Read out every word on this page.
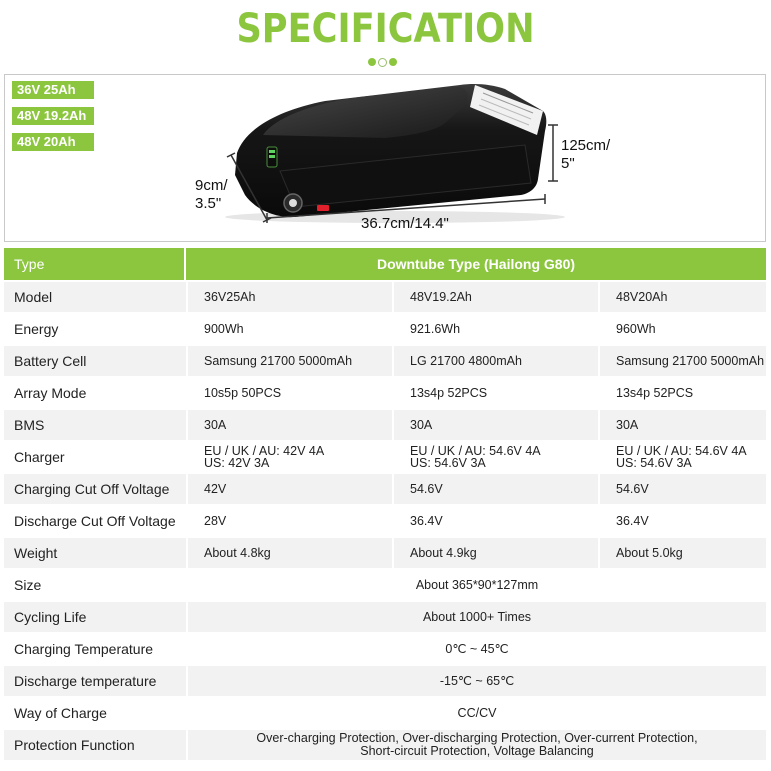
SPECIFICATION
36V 25Ah
48V 19.2Ah
48V 20Ah	125cm/
5"
9cm/
3.5"
36.7cm/14.4"
Type	Downtube Type (Hailong G80)		
Model	36V25Ah	48V19.2Ah	48V20Ah
Energy	900Wh	921.6Wh	960Wh
Battery Cell	Samsung 21700 5000mAh	LG 21700 4800mAh	Samsung 21700 5000mAh
Array Mode	10s5p 50PCS	13s4p 52PCS	13s4p 52PCS
BMS	30A	30A	30A
Charger	EU / UK / AU: 42V 4A
US: 42V 3A	EU / UK / AU: 54.6V 4A
US: 54.6V 3A	EU / UK / AU: 54.6V 4A
US: 54.6V 3A
Charging Cut Off Voltage	42V	54.6V	54.6V
Discharge Cut Off Voltage	28V	36.4V	36.4V
Weight	About 4.8kg	About 4.9kg	About 5.0kg
Size	About 365*90*127mm		
Cycling Life	About 1000+ Times		
Charging Temperature	0℃ ~ 45℃		
Discharge temperature	-15℃ ~ 65℃		
Way of Charge	CC/CV		
Protection Function	Over-charging Protection, Over-discharging Protection, Over-current Protection,
Short-circuit Protection, Voltage Balancing		
